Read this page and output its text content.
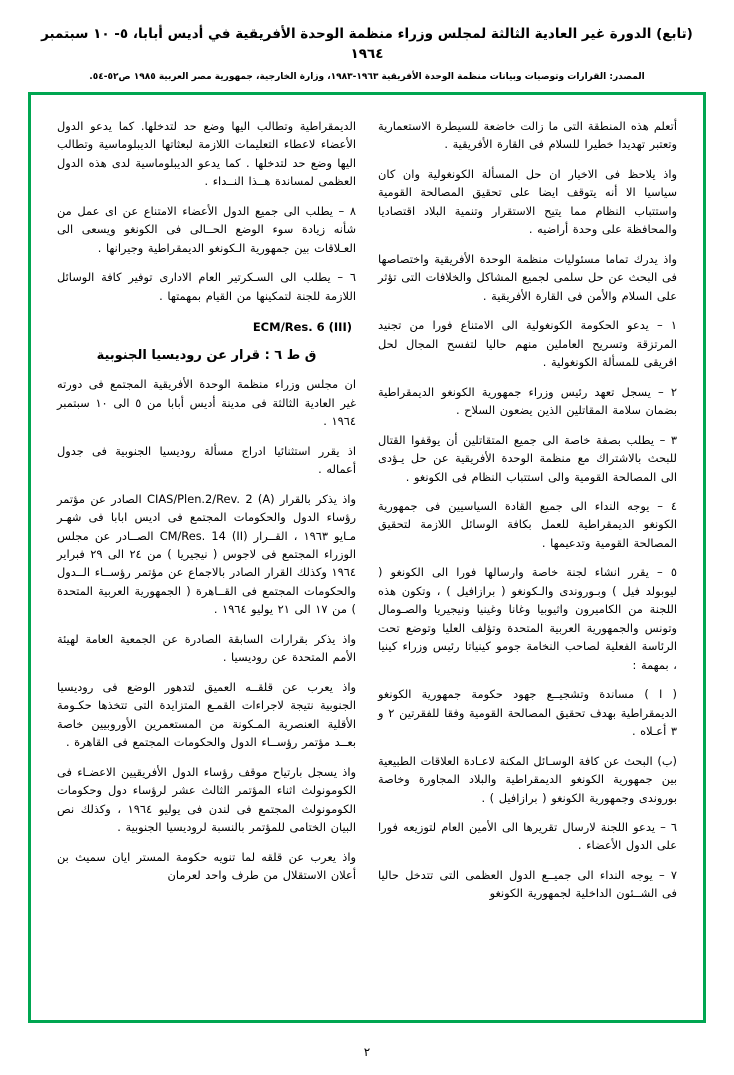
(تابع) الدورة غير العادية الثالثة لمجلس وزراء منظمة الوحدة الأفريقية في أديس أبابا، ٥- ١٠ سبتمبر ١٩٦٤
المصدر: القرارات وتوصيات وبيانات منظمة الوحدة الأفريقية ١٩٦٣-١٩٨٣، وزارة الخارجية، جمهورية مصر العربية ١٩٨٥ ص٥٢-٥٤.

أتعلم هذه المنطقة التى ما زالت خاضعة للسيطرة الاستعمارية وتعتبر تهديدا خطيرا للسلام فى القارة الأفريقية .

واذ يلاحظ فى الاخيار ان حل المسألة الكونغولية وان كان سياسيا الا أنه يتوقف ايضا على تحقيق المصالحة القومية واستتباب النظام مما يتيح الاستقرار وتنمية البلاد اقتصاديا والمحافظة على وحدة أراضيه .

واذ يدرك تماما مسئوليات منظمة الوحدة الأفريقية واختصاصها فى البحث عن حل سلمى لجميع المشاكل والخلافات التى تؤثر على السلام والأمن فى القارة الأفريقية .

١ – يدعو الحكومة الكونغولية الى الامتناع فورا من تجنيد المرتزقة وتسريح العاملين منهم حاليا لتفسح المجال لحل افريقى للمسألة الكونغولية .

٢ – يسجل تعهد رئيس وزراء جمهورية الكونغو الديمقراطية بضمان سلامة المقاتلين الذين يضعون السلاح .

٣ – يطلب بصفة خاصة الى جميع المتقاتلين أن يوقفوا القتال للبحث بالاشتراك مع منظمة الوحدة الأفريقية عن حل يـؤدى الى المصالحة القومية والى استتباب النظام فى الكونغو .

٤ – يوجه النداء الى جميع القادة السياسيين فى جمهورية الكونغو الديمقراطية للعمل بكافة الوسائل اللازمة لتحقيق المصالحة القومية وتدعيمها .

٥ – يقرر انشاء لجنة خاصة وارسالها فورا الى الكونغو ( ليوبولد فيل ) وبـوروندى والـكونغو ( برازافيل ) ، وتكون هذه اللجنة من الكاميرون واثيوبيا وغانا وغينيا ونيجيريا والصـومال وتونس والجمهورية العربية المتحدة وتؤلف العليا وتوضع تحت الرئاسة الفعلية لصاحب النخامة جومو كينياتا رئيس وزراء كينيا ، بمهمة :

( ا ) مساندة وتشجيــع جهود حكومة جمهورية الكونغو الديمقراطية بهدف تحقيق المصالحة القومية وفقا للفقرتين ٢ و ٣ أعـلاه .

(ب) البحث عن كافة الوسـائل المكنة لاعـادة العلاقات الطبيعية بين جمهورية الكونغو الديمقراطية والبلاد المجاورة وخاصة بوروندى وجمهورية الكونغو ( برازافيل ) .

٦ – يدعو اللجنة لارسال تقريرها الى الأمين العام لتوزيعه فورا على الدول الأعضاء .

٧ – يوجه النداء الى جميــع الدول العظمى التى تتدخل حاليا فى الشــئون الداخلية لجمهورية الكونغو

الديمقراطية وتطالب اليها وضع حد لتدخلها. كما يدعو الدول الأعضاء لاعطاء التعليمات اللازمة لبعثاتها الديبلوماسية وتطالب اليها وضع حد لتدخلها . كما يدعو الديبلوماسية لدى هذه الدول العظمى لمساندة هــذا النــداء .

٨ – يطلب الى جميع الدول الأعضاء الامتناع عن اى عمل من شأنه زيادة سوء الوضع الحــالى فى الكونغو ويسعى الى العـلاقات بين جمهورية الـكونغو الديمقراطية وجيرانها .

٦ – يطلب الى السـكرتير العام الادارى توفير كافة الوسائل اللازمة للجنة لتمكينها من القيام بمهمتها .

ECM/Res. 6 (III)
ق ط ٦ : قرار عن روديسيا الجنوبية

ان مجلس وزراء منظمة الوحدة الأفريقية المجتمع فى دورته غير العادية الثالثة فى مدينة أديس أبابا من ٥ الى ١٠ سبتمبر ١٩٦٤ .

اذ يقرر استثنائيا ادراج مسألة روديسيا الجنوبية فى جدول أعماله .

واذ يذكر بالقرار (A) CIAS/Plen.2/Rev. 2 الصادر عن مؤتمر رؤساء الدول والحكومات المجتمع فى اديس ابابا فى شهـر مـايو ١٩٦٣ ، القــرار CM/Res. 14 (II) الصــادر عن مجلس الوزراء المجتمع فى لاجوس ( نيجيريا ) من ٢٤ الى ٢٩ فبراير ١٩٦٤ وكذلك القرار الصادر بالاجماع عن مؤتمر رؤســاء الــدول والحكومات المجتمع فى القــاهرة ( الجمهورية العربية المتحدة ) من ١٧ الى ٢١ يوليو ١٩٦٤ .

واذ يذكر بقرارات السابقة الصادرة عن الجمعية العامة لهيئة الأمم المتحدة عن روديسيا .

واذ يعرب عن قلقــه العميق لتدهور الوضع فى روديسيا الجنوبية نتيجة لاجراءات القمـع المتزايدة التى تتخذها حكـومة الأقلية العنصرية المـكونة من المستعمرين الأوروبيين خاصة بعــد مؤتمر رؤســاء الدول والحكومات المجتمع فى القاهرة .

واذ يسجل بارتياح موقف رؤساء الدول الأفريقيين الاعضـاء فى الكومونولث اثناء المؤتمر الثالث عشر لرؤساء دول وحكومات الكومونولث المجتمع فى لندن فى يوليو ١٩٦٤ ، وكذلك نص البيان الختامى للمؤتمر بالنسبة لروديسيا الجنوبية .

واذ يعرب عن قلقه لما تنويه حكومة المستر ايان سميث بن أعلان الاستقلال من طرف واحد لعرمان

٢
